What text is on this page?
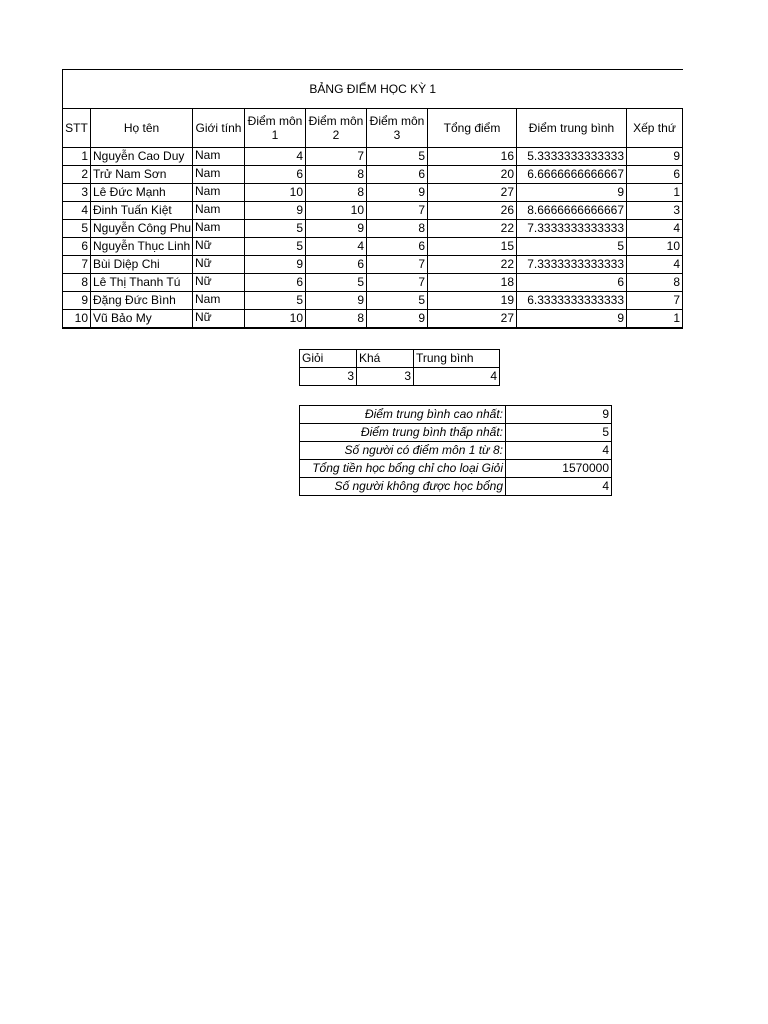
BẢNG ĐIỂM HỌC KỲ 1								
STT	Họ tên	Giới tính	Điểm môn 1	Điểm môn 2	Điểm môn 3	Tổng điểm	Điểm trung bình	Xếp thứ
1	Nguyễn Cao Duy	Nam	4	7	5	16	5.3333333333333	9
2	Trử Nam Sơn	Nam	6	8	6	20	6.6666666666667	6
3	Lê Đức Mạnh	Nam	10	8	9	27	9	1
4	Đinh Tuấn Kiệt	Nam	9	10	7	26	8.6666666666667	3
5	Nguyễn Công Phu	Nam	5	9	8	22	7.3333333333333	4
6	Nguyễn Thục Linh	Nữ	5	4	6	15	5	10
7	Bùi Diệp Chi	Nữ	9	6	7	22	7.3333333333333	4
8	Lê Thị Thanh Tú	Nữ	6	5	7	18	6	8
9	Đặng Đức Bình	Nam	5	9	5	19	6.3333333333333	7
10	Vũ Bảo My	Nữ	10	8	9	27	9	1
Giỏi	Khá	Trung bình
3	3	4
Điểm trung bình cao nhất:	9
Điểm trung bình thấp nhất:	5
Số người có điểm môn 1 từ 8:	4
Tổng tiền học bổng chỉ cho loại Giỏi	1570000
Số người không được học bổng	4
